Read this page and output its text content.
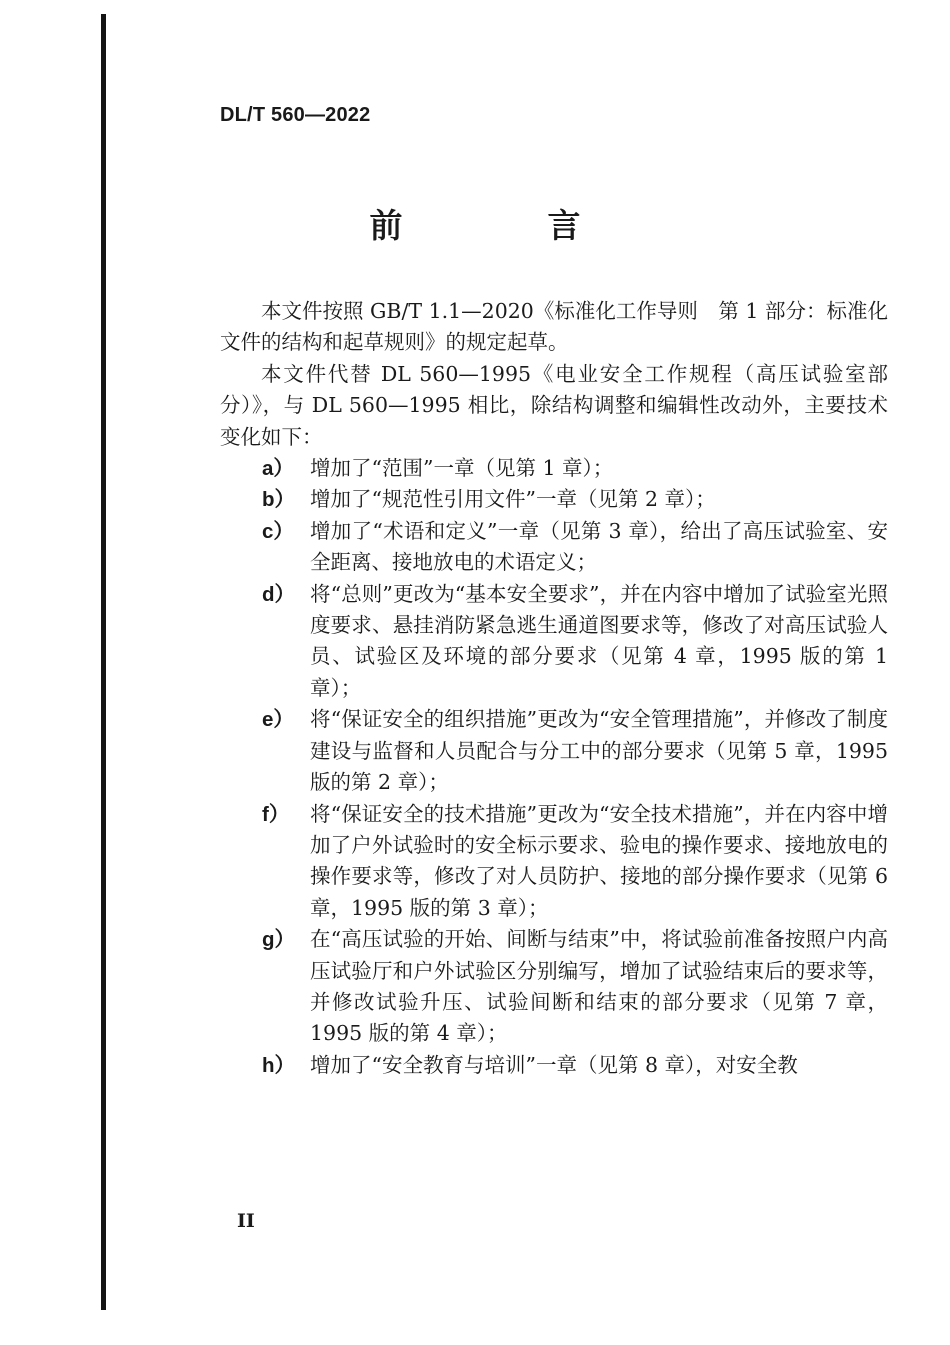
DL/T 560—2022
前　言

本文件按照 GB/T 1.1—2020《标准化工作导则　第 1 部分：标准化文件的结构和起草规则》的规定起草。

本文件代替 DL 560—1995《电业安全工作规程（高压试验室部分）》，与 DL 560—1995 相比，除结构调整和编辑性改动外，主要技术变化如下：

a） 增加了“范围”一章（见第 1 章）；
b） 增加了“规范性引用文件”一章（见第 2 章）；
c） 增加了“术语和定义”一章（见第 3 章），给出了高压试验室、安全距离、接地放电的术语定义；
d） 将“总则”更改为“基本安全要求”，并在内容中增加了试验室光照度要求、悬挂消防紧急逃生通道图要求等，修改了对高压试验人员、试验区及环境的部分要求（见第 4 章，1995 版的第 1 章）；
e） 将“保证安全的组织措施”更改为“安全管理措施”，并修改了制度建设与监督和人员配合与分工中的部分要求（见第 5 章，1995 版的第 2 章）；
f） 将“保证安全的技术措施”更改为“安全技术措施”，并在内容中增加了户外试验时的安全标示要求、验电的操作要求、接地放电的操作要求等，修改了对人员防护、接地的部分操作要求（见第 6 章，1995 版的第 3 章）；
g） 在“高压试验的开始、间断与结束”中，将试验前准备按照户内高压试验厅和户外试验区分别编写，增加了试验结束后的要求等，并修改试验升压、试验间断和结束的部分要求（见第 7 章，1995 版的第 4 章）；
h） 增加了“安全教育与培训”一章（见第 8 章），对安全教
II
